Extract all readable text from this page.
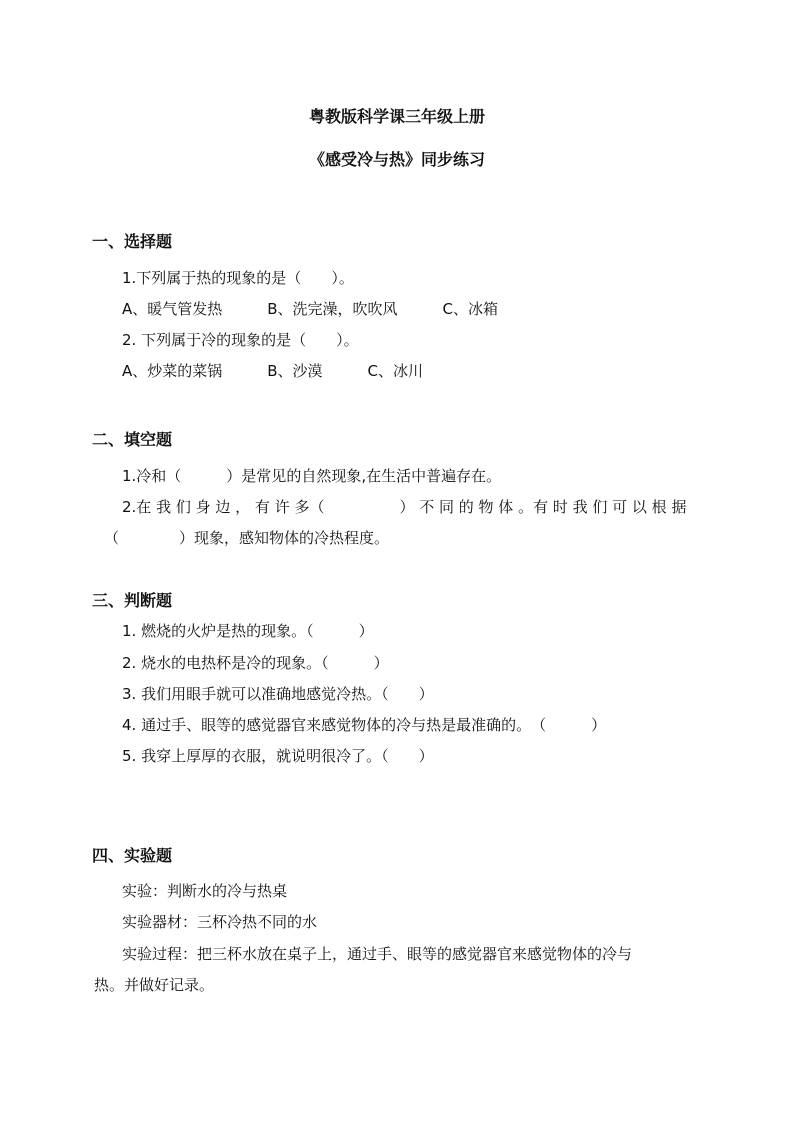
粤教版科学课三年级上册
《感受冷与热》同步练习
一、选择题
1.下列属于热的现象的是（　　）。
A、暖气管发热　　　B、洗完澡，吹吹风　　　C、冰箱
2. 下列属于冷的现象的是（　　）。
A、炒菜的菜锅　　　B、沙漠　　　C、冰川
二、填空题
1.冷和（　　　）是常见的自然现象,在生活中普遍存在。
2.在 我 们 身 边 ， 有 许 多（　　　　　） 不 同 的 物 体 。有 时 我 们 可 以 根 据
（　　　　）现象，感知物体的冷热程度。
三、判断题
1. 燃烧的火炉是热的现象。（　　　）
2. 烧水的电热杯是冷的现象。（　　　）
3. 我们用眼手就可以准确地感觉冷热。（　　）
4. 通过手、眼等的感觉器官来感觉物体的冷与热是最准确的。　（　　　）
5. 我穿上厚厚的衣服，就说明很冷了。（　　）
四、实验题
实验：判断水的冷与热桌
实验器材：三杯冷热不同的水
实验过程：把三杯水放在桌子上，通过手、眼等的感觉器官来感觉物体的冷与
热。并做好记录。
